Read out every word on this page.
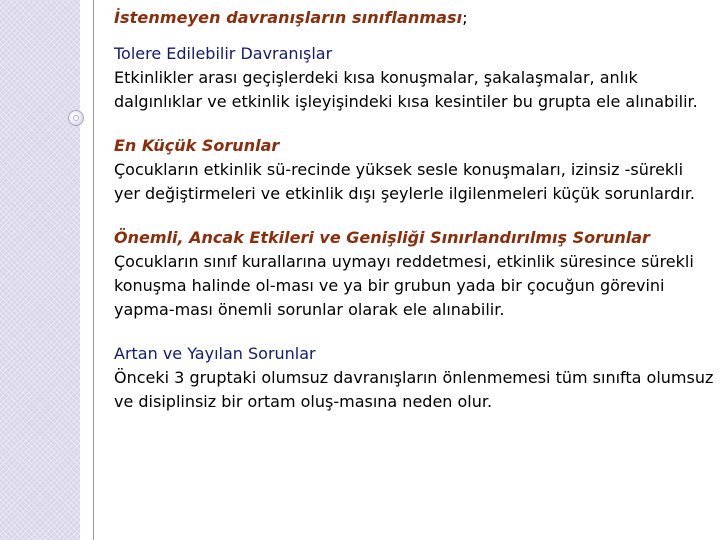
İstenmeyen davranışların sınıflanması;

Tolere Edilebilir Davranışlar

Etkinlikler arası geçişlerdeki kısa konuşmalar, şakalaşmalar, anlık dalgınlıklar ve etkinlik işleyişindeki kısa kesintiler bu grupta ele alınabilir.

En Küçük Sorunlar

Çocukların etkinlik sü-recinde yüksek sesle konuşmaları, izinsiz -sürekli yer değiştirmeleri ve etkinlik dışı şeylerle ilgilenmeleri küçük sorunlardır.

Önemli, Ancak Etkileri ve Genişliği Sınırlandırılmış Sorunlar

Çocukların sınıf kurallarına uymayı reddetmesi, etkinlik süresince sürekli konuşma halinde ol-ması ve ya bir grubun yada bir çocuğun görevini yapma-ması önemli sorunlar olarak ele alınabilir.

Artan ve Yayılan Sorunlar

Önceki 3 gruptaki olumsuz davranışların önlenmemesi tüm sınıfta olumsuz ve disiplinsiz bir ortam oluş-masına neden olur.
